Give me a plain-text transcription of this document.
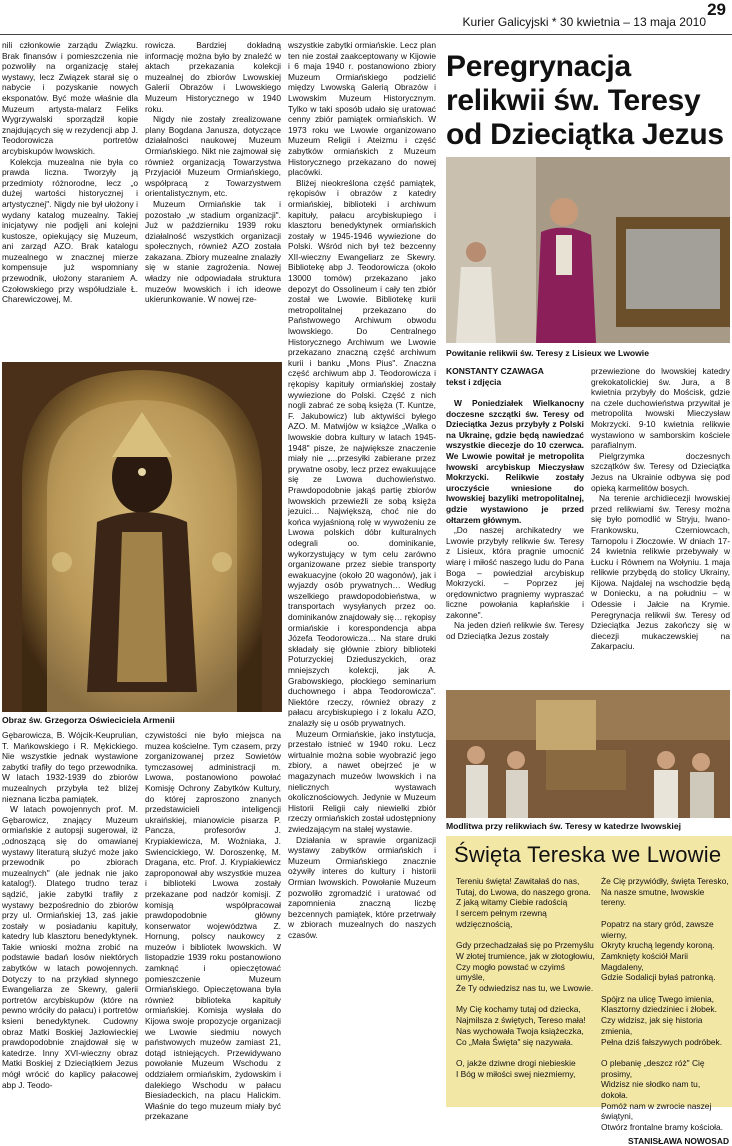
Kurier Galicyjski * 30 kwietnia – 13 maja 2010
29

nili członkowie zarządu Związku. Brak finansów i pomieszczenia nie pozwoliły na organizację stałej wystawy, lecz Związek starał się o nabycie i pozyskanie nowych eksponatów. Być może właśnie dla Muzeum artysta-malarz Feliks Wygrzywalski sporządził kopie znajdujących się w rezydencji abp J. Teodorowicza portretów arcybiskupów lwowskich.

Kolekcja muzealna nie była co prawda liczna. Tworzyły ją przedmioty różnorodne, lecz „o dużej wartości historycznej i artystycznej". Nigdy nie był ułożony i wydany katalog muzealny. Takiej inicjatywy nie podjęli ani kolejni kustosze, opiekujący się Muzeum, ani zarząd AZO. Brak katalogu muzealnego w znacznej mierze kompensuje już wspomniany przewodnik, ułożony staraniem A. Czołowskiego przy współudziale Ł. Charewiczowej, M.

rowicza. Bardziej dokładną informację można było by znaleźć w aktach przekazania kolekcji muzealnej do zbiorów Lwowskiej Galerii Obrazów i Lwowskiego Muzeum Historycznego w 1940 roku.

Nigdy nie zostały zrealizowane plany Bogdana Janusza, dotyczące działalności naukowej Muzeum Ormiańskiego. Nikt nie zajmował się również organizacją Towarzystwa Przyjaciół Muzeum Ormiańskiego, współpracą z Towarzystwem orientalistycznym, etc.

Muzeum Ormiańskie tak i pozostało „w stadium organizacji". Już w październiku 1939 roku działalność wszystkich organizacji społecznych, również AZO została zakazana. Zbiory muzealne znalazły się w stanie zagrożenia. Nowej władzy nie odpowiadała struktura muzeów lwowskich i ich ideowe ukierunkowanie. W nowej rze-

wszystkie zabytki ormiańskie. Lecz plan ten nie został zaakceptowany w Kijowie i 6 maja 1940 r. postanowiono zbiory Muzeum Ormiańskiego podzielić między Lwowską Galerią Obrazów i Lwowskim Muzeum Historycznym. Tylko w taki sposób udało się uratować cenny zbiór pamiątek ormiańskich. W 1973 roku we Lwowie organizowano Muzeum Religii i Ateizmu i część zabytków ormiańskich z Muzeum Historycznego przekazano do nowej placówki.

Bliżej nieokreślona część pamiątek, rękopisów i obrazów z katedry ormiańskiej, biblioteki i archiwum kapituły, pałacu arcybiskupiego i klasztoru benedyktynek ormiańskich zostały w 1945-1946 wywiezione do Polski. Wśród nich był też bezcenny XII-wieczny Ewangeliarz ze Skewry. Bibliotekę abp J. Teodorowicza (około 13000 tomów) przekazano jako depozyt do Ossolineum i cały ten zbiór został we Lwowie. Bibliotekę kurii metropolitalnej przekazano do Państwowego Archiwum obwodu lwowskiego. Do Centralnego Historycznego Archiwum we Lwowie przekazano znaczną część archiwum kurii i banku „Mons Pius". Znaczna część archiwum abp J. Teodorowicza i rękopisy kapituły ormiańskiej zostały wywiezione do Polski. Część z nich nogli zabrać ze sobą księża (T. Kuntze, F. Jakubowicz) lub aktywiści byłego AZO. M. Matwijów w książce „Walka o lwowskie dobra kultury w latach 1945-1948" pisze, że największe znaczenie miały nie „...przesyłki zabierane przez prywatne osoby, lecz przez ewakuujące się ze Lwowa duchowieństwo. Prawdopodobnie jakąś partię zbiorów lwowskich przewieźli ze sobą księża jezuici… Największą, choć nie do końca wyjaśnioną rolę w wywożeniu ze Lwowa polskich dóbr kulturalnych odegrali oo. dominikanie, wykorzystujący w tym celu zarówno organizowane przez siebie transporty ewakuacyjne (około 20 wagonów), jak i wyjazdy osób prywatnych… Według wszelkiego prawdopodobieństwa, w transportach wysyłanych przez oo. dominikanów znajdowały się… rękopisy ormiańskie i korespondencja abpa Józefa Teodorowicza… Na stare druki składały się głównie zbiory biblioteki Poturzyckiej Dzieduszyckich, oraz mniejszych kolekcji, jak A. Grabowskiego, płockiego seminarium duchownego i abpa Teodorowicza". Niektóre rzeczy, również obrazy z pałacu arcybiskupiego i z lokalu AZO, znalazły się u osób prywatnych.

Muzeum Ormiańskie, jako instytucja, przestało istnieć w 1940 roku. Lecz wirtualnie można sobie wyobrazić jego zbiory, a nawet obejrzeć je w magazynach muzeów lwowskich i na nielicznych wystawach okolicznościowych. Jedynie w Muzeum Historii Religii cały niewielki zbiór rzeczy ormiańskich został udostępniony zwiedzającym na stałej wystawie.

Działania w sprawie organizacji wystawy zabytków ormiańskich i Muzeum Ormiańskiego znacznie ożywiły interes do kultury i historii Ormian lwowskich. Powołanie Muzeum pozwoliło zgromadzić i uratować od zapomnienia znaczną liczbę bezcennych pamiątek, które przetrwały w zbiorach muzealnych do naszych czasów.

Obraz św. Grzegorza Oświeciciela Armenii

Gębarowicza, B. Wójcik-Keuprulian, T. Mańkowskiego i R. Mękickiego. Nie wszystkie jednak wystawione zabytki trafiły do tego przewodnika. W latach 1932-1939 do zbiorów muzealnych przybyła też bliżej nieznana liczba pamiątek.

W latach powojennych prof. M. Gębarowicz, znający Muzeum ormiańskie z autopsji sugerował, iż „odnoszącą się do omawianej wystawy literaturą służyć może jako przewodnik po zbiorach muzealnych" (ale jednak nie jako katalog!). Dlatego trudno teraz sądzić, jakie zabytki trafiły z wystawy bezpośrednio do zbiorów przy ul. Ormiańskiej 13, zaś jakie zostały w posiadaniu kapituły, katedry lub klasztoru benedyktynek. Takie wnioski można zrobić na podstawie badań losów niektórych zabytków w latach powojennych. Dotyczy to na przykład słynnego Ewangeliarza ze Skewry, galerii portretów arcybiskupów (które na pewno wróciły do pałacu) i portretów ksieni benedyktynek. Cudowny obraz Matki Boskiej Jazłowieckiej prawdopodobnie znajdował się w katedrze. Inny XVI-wieczny obraz Matki Boskiej z Dzieciątkiem Jezus mógł wrócić do kaplicy pałacowej abp J. Teodo-

czywistości nie było miejsca na muzea kościelne. Tym czasem, przy zorganizowanej przez Sowietów tymczasowej administracji m. Lwowa, postanowiono powołać Komisję Ochrony Zabytków Kultury, do której zaproszono znanych przedstawicieli inteligencji ukraińskiej, mianowicie pisarza P. Pancza, profesorów J. Krypiakiewicza, M. Woźniaka, J. Swiencickiego, W. Doroszenkę, M. Dragana, etc. Prof. J. Krypiakiewicz zaproponował aby wszystkie muzea i biblioteki Lwowa zostały przekazane pod nadzór komisji. Z komisją współpracował prawdopodobnie główny konserwator województwa Z. Hornung, polscy naukowcy z muzeów i bibliotek lwowskich. W listopadzie 1939 roku postanowiono zamknąć i opieczętować pomieszczenie Muzeum Ormiańskiego. Opieczętowana była również biblioteka kapituły ormiańskiej. Komisja wysłała do Kijowa swoje propozycje organizacji we Lwowie siedmiu nowych państwowych muzeów zamiast 21, dotąd istniejących. Przewidywano powołanie Muzeum Wschodu z oddziałem ormiańskim, żydowskim i dalekiego Wschodu w pałacu Biesiadeckich, na placu Halickim. Właśnie do tego muzeum miały być przekazane

Peregrynacja relikwii św. Teresy od Dzieciątka Jezus
Powitanie relikwii św. Teresy z Lisieux we Lwowie
KONSTANTY CZAWAGA
tekst i zdjęcia

W Poniedziałek Wielkanocny doczesne szczątki św. Teresy od Dzieciątka Jezus przybyły z Polski na Ukrainę, gdzie będą nawiedzać wszystkie diecezje do 10 czerwca. We Lwowie powitał je metropolita lwowski arcybiskup Mieczysław Mokrzycki. Relikwie zostały uroczyście wniesione do lwowskiej bazyliki metropolitalnej, gdzie wystawiono je przed ołtarzem głównym.

„Do naszej archikatedry we Lwowie przybyły relikwie św. Teresy z Lisieux, która pragnie umocnić wiarę i miłość naszego ludu do Pana Boga – powiedział arcybiskup Mokrzycki. – Poprzez jej orędownictwo pragniemy wypraszać liczne powołania kapłańskie i zakonne".

Na jeden dzień relikwie św. Teresy od Dzieciątka Jezus zostały

przewiezione do lwowskiej katedry grekokatolickiej św. Jura, a 8 kwietnia przybyły do Mościsk, gdzie na czele duchowieństwa przywitał je metropolita lwowski Mieczysław Mokrzycki. 9-10 kwietnia relikwie wystawiono w samborskim kościele parafialnym.

Pielgrzymka doczesnych szczątków św. Teresy od Dzieciątka Jezus na Ukrainie odbywa się pod opieką karmelitów bosych.

Na terenie archidiecezji lwowskiej przed relikwiami św. Teresy można się było pomodlić w Stryju, Iwano-Frankowsku, Czerniowcach, Tarnopolu i Złoczowie. W dniach 17-24 kwietnia relikwie przebywały w Łucku i Równem na Wołyniu. 1 maja relikwie przybędą do stolicy Ukrainy, Kijowa. Najdalej na wschodzie będą w Doniecku, a na południu – w Odessie i Jałcie na Krymie. Peregrynacja relikwii św. Teresy od Dzieciątka Jezus zakończy się w diecezji mukaczewskiej na Zakarpaciu.

Modlitwa przy relikwiach św. Teresy w katedrze lwowskiej
Święta Tereska we Lwowie

Tereniu święta! Zawitałaś do nas,
Tutaj, do Lwowa, do naszego grona.
Z jaką witamy Ciebie radością
I sercem pełnym rzewną wdzięcznością,

Gdy przechadzałaś się po Przemyślu
W złotej trumience, jak w złotogłowiu,
Czy mogło powstać w czyimś umyśle,
Że Ty odwiedzisz nas tu, we Lwowie.

My Cię kochamy tutaj od dziecka,
Najmilsza z świętych, Tereso mała!
Nas wychowała Twoja książeczka,
Co „Mała Święta" się nazywała.

O, jakże dziwne drogi niebieskie
I Bóg w miłości swej niezmierny,

Że Cię przywiódły, święta Teresko,
Na nasze smutne, lwowskie tereny.

Popatrz na stary gród, zawsze wierny,
Okryty kruchą legendy koroną.
Zamknięty kościół Marii Magdaleny,
Gdzie Sodalicji byłaś patronką.

Spójrz na ulicę Twego imienia,
Klasztorny dziedziniec i żłobek.
Czy widzisz, jak się historia zmienia,
Pełna dziś fałszywych podróbek.

O plebanię „deszcz róż" Cię prosimy,
Widzisz nie słodko nam tu, dokoła.
Pomóż nam w zwrocie naszej świątyni,
Otwórz frontalne bramy kościoła.

STANISŁAWA NOWOSAD
